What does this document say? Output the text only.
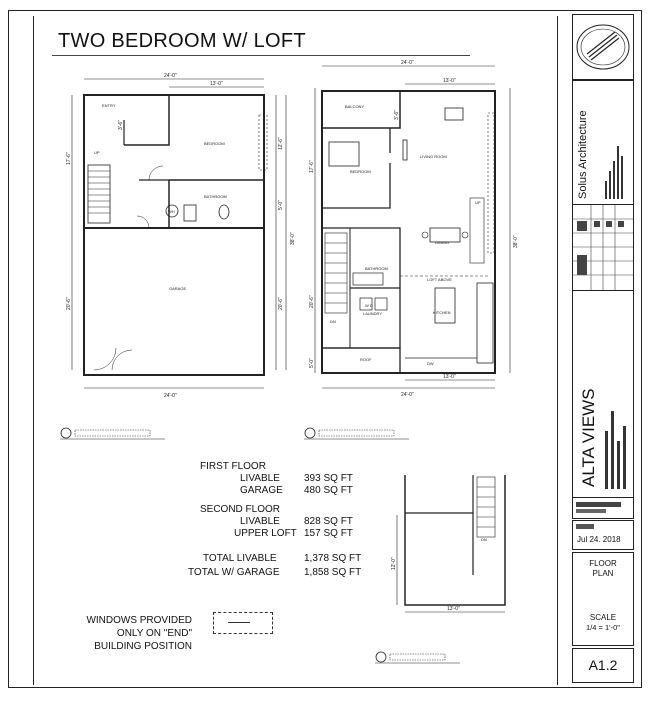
TWO BEDROOM W/ LOFT
ENTRY
BEDROOM
BATHROOM
GARAGE
WH
UP
24'-0"
13'-0"
24'-0"
17'-6"
20'-6"
38'-0"
20'-6"
12'-6"
5'-0"
3'-6"
BALCONY
BEDROOM
LIVING ROOM
DINING
BATHROOM
LAUNDRY
W D
LOFT ABOVE
KITCHEN
ROOF
DW
DN
UP
24'-0"
13'-0"
13'-0"
24'-0"
17'-6"
20'-6"
38'-0"
3'-6"
5'-0"
FIRST FLOOR
LIVABLE 393 SQ FT
GARAGE 480 SQ FT
SECOND FLOOR
LIVABLE 828 SQ FT
UPPER LOFT 157 SQ FT
TOTAL LIVABLE	1,378 SQ FT
TOTAL W/ GARAGE 1,858 SQ FT
DN
12'-0"
13'-0"
WINDOWS PROVIDED
ONLY ON "END"
BUILDING POSITION
Solus Architecture
ALTA VIEWS
Jul 24. 2018
FLOOR
PLAN
SCALE
1/4 = 1'-0"
A1.2
